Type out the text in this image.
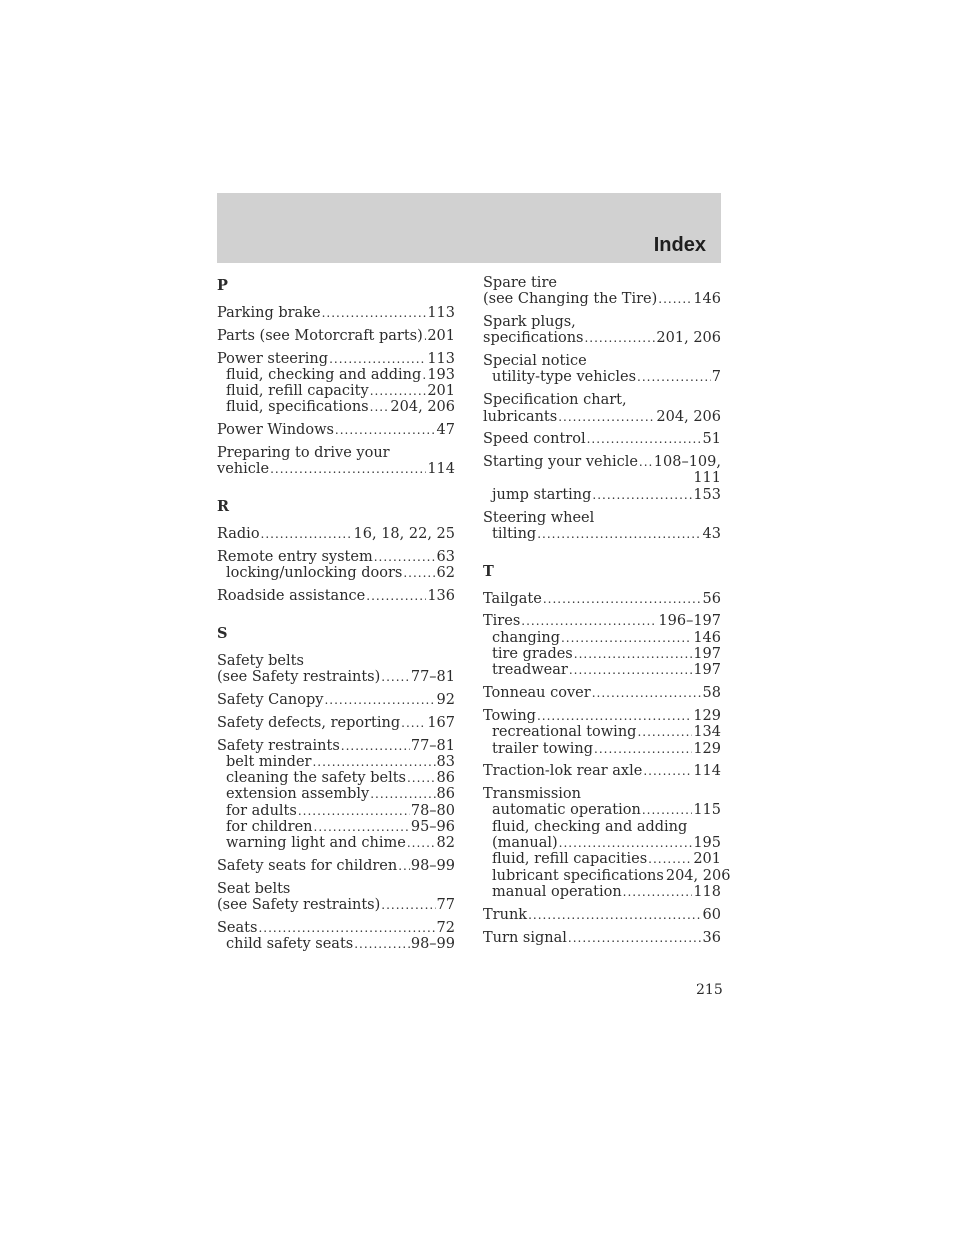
Index
P
Parking brake .....	113
Parts (see Motorcraft parts) ..... 201
Power steering .....	113
fluid, checking and adding ..... 193
fluid, refill capacity .....	201
fluid, specifications ..... 204, 206
Power Windows .....	47
Preparing to drive your
vehicle .....	114
R
Radio .....	16, 18, 22, 25
Remote entry system .....	63
locking/unlocking doors ..... 62
Roadside assistance .....	136
S
Safety belts
(see Safety restraints) ..... 77–81
Safety Canopy .....	92
Safety defects, reporting ..... 167
Safety restraints .....	77–81
belt minder .....	83
cleaning the safety belts ..... 86
extension assembly .....	86
for adults .....	78–80
for children .....	95–96
warning light and chime ..... 82
Safety seats for children ..... 98–99
Seat belts
(see Safety restraints) .....	77
Seats .....	72
child safety seats .....	98–99
Spare tire
(see Changing the Tire) ..... 146
Spark plugs,
specifications .....	201, 206
Special notice
utility-type vehicles .....	7
Specification chart,
lubricants .....	204, 206
Speed control .....	51
Starting your vehicle ..... 108–109,
111
jump starting .....	153
Steering wheel
tilting .....	43
T
Tailgate .....	56
Tires .....	196–197
changing .....	146
tire grades .....	197
treadwear .....	197
Tonneau cover .....	58
Towing .....	129
recreational towing .....	134
trailer towing .....	129
Traction-lok rear axle .....	114
Transmission
automatic operation .....	115
fluid, checking and adding
(manual) .....	195
fluid, refill capacities .....	201
lubricant specifications 204, 206
manual operation .....	118
Trunk .....	60
Turn signal .....	36
215
